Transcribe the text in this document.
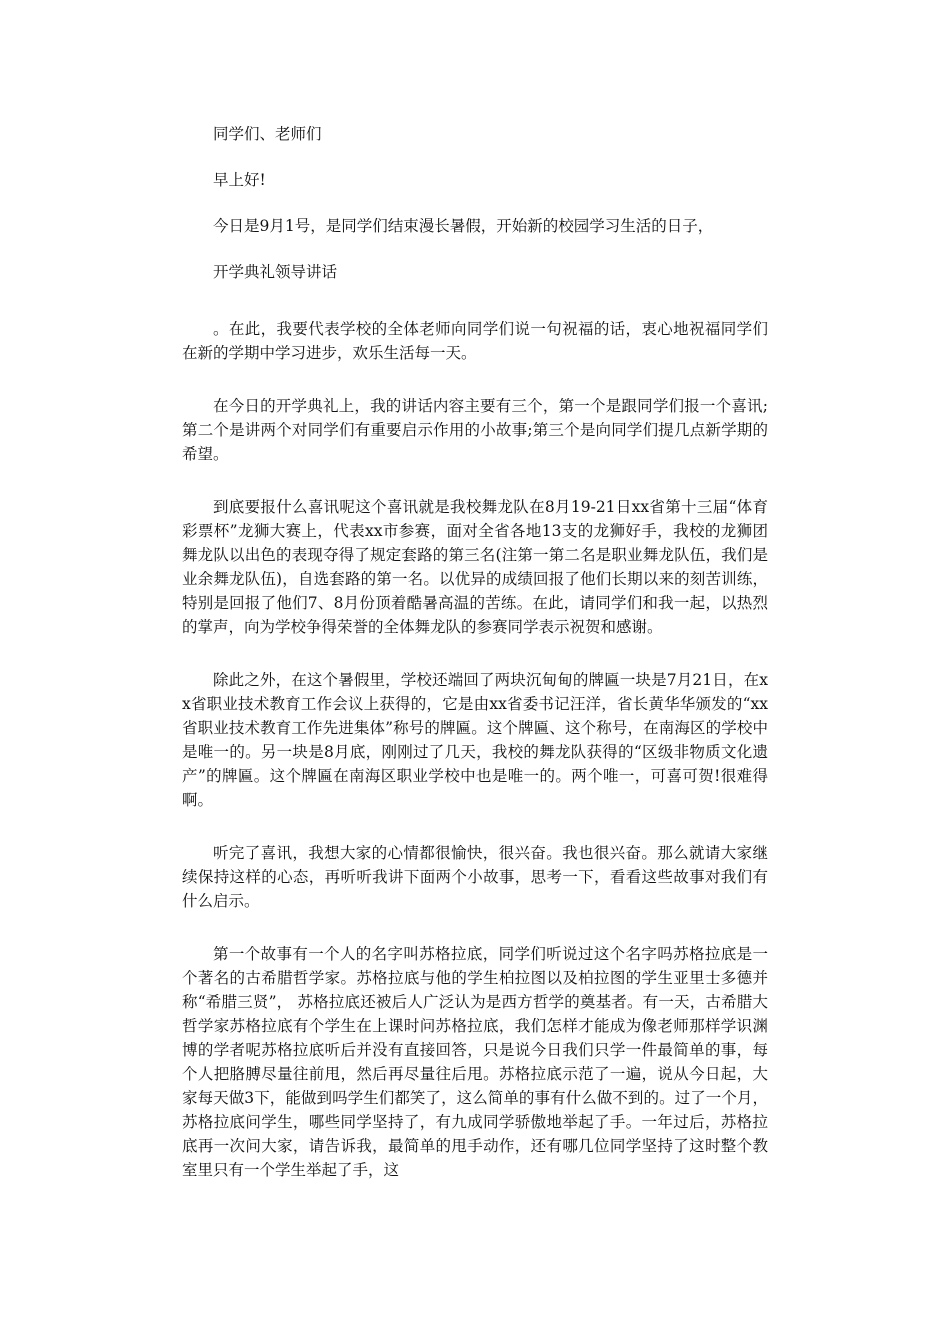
同学们、老师们

早上好!

今日是9月1号，是同学们结束漫长暑假，开始新的校园学习生活的日子，

开学典礼领导讲话

。在此，我要代表学校的全体老师向同学们说一句祝福的话，衷心地祝福同学们在新的学期中学习进步，欢乐生活每一天。

在今日的开学典礼上，我的讲话内容主要有三个，第一个是跟同学们报一个喜讯;第二个是讲两个对同学们有重要启示作用的小故事;第三个是向同学们提几点新学期的希望。

到底要报什么喜讯呢这个喜讯就是我校舞龙队在8月19-21日xx省第十三届“体育彩票杯”龙狮大赛上，代表xx市参赛，面对全省各地13支的龙狮好手，我校的龙狮团舞龙队以出色的表现夺得了规定套路的第三名(注第一第二名是职业舞龙队伍，我们是业余舞龙队伍)，自选套路的第一名。以优异的成绩回报了他们长期以来的刻苦训练，特别是回报了他们7、8月份顶着酷暑高温的苦练。在此，请同学们和我一起，以热烈的掌声，向为学校争得荣誉的全体舞龙队的参赛同学表示祝贺和感谢。

除此之外，在这个暑假里，学校还端回了两块沉甸甸的牌匾一块是7月21日，在xx省职业技术教育工作会议上获得的，它是由xx省委书记汪洋，省长黄华华颁发的“xx省职业技术教育工作先进集体”称号的牌匾。这个牌匾、这个称号，在南海区的学校中是唯一的。另一块是8月底，刚刚过了几天，我校的舞龙队获得的“区级非物质文化遗产”的牌匾。这个牌匾在南海区职业学校中也是唯一的。两个唯一，可喜可贺!很难得啊。

听完了喜讯，我想大家的心情都很愉快，很兴奋。我也很兴奋。那么就请大家继续保持这样的心态，再听听我讲下面两个小故事，思考一下，看看这些故事对我们有什么启示。

第一个故事有一个人的名字叫苏格拉底，同学们听说过这个名字吗苏格拉底是一个著名的古希腊哲学家。苏格拉底与他的学生柏拉图以及柏拉图的学生亚里士多德并称“希腊三贤”， 苏格拉底还被后人广泛认为是西方哲学的奠基者。有一天，古希腊大哲学家苏格拉底有个学生在上课时问苏格拉底，我们怎样才能成为像老师那样学识渊博的学者呢苏格拉底听后并没有直接回答，只是说今日我们只学一件最简单的事，每个人把胳膊尽量往前甩，然后再尽量往后甩。苏格拉底示范了一遍，说从今日起，大家每天做3下，能做到吗学生们都笑了，这么简单的事有什么做不到的。过了一个月，苏格拉底问学生，哪些同学坚持了，有九成同学骄傲地举起了手。一年过后，苏格拉底再一次问大家，请告诉我，最简单的甩手动作，还有哪几位同学坚持了这时整个教室里只有一个学生举起了手，这
